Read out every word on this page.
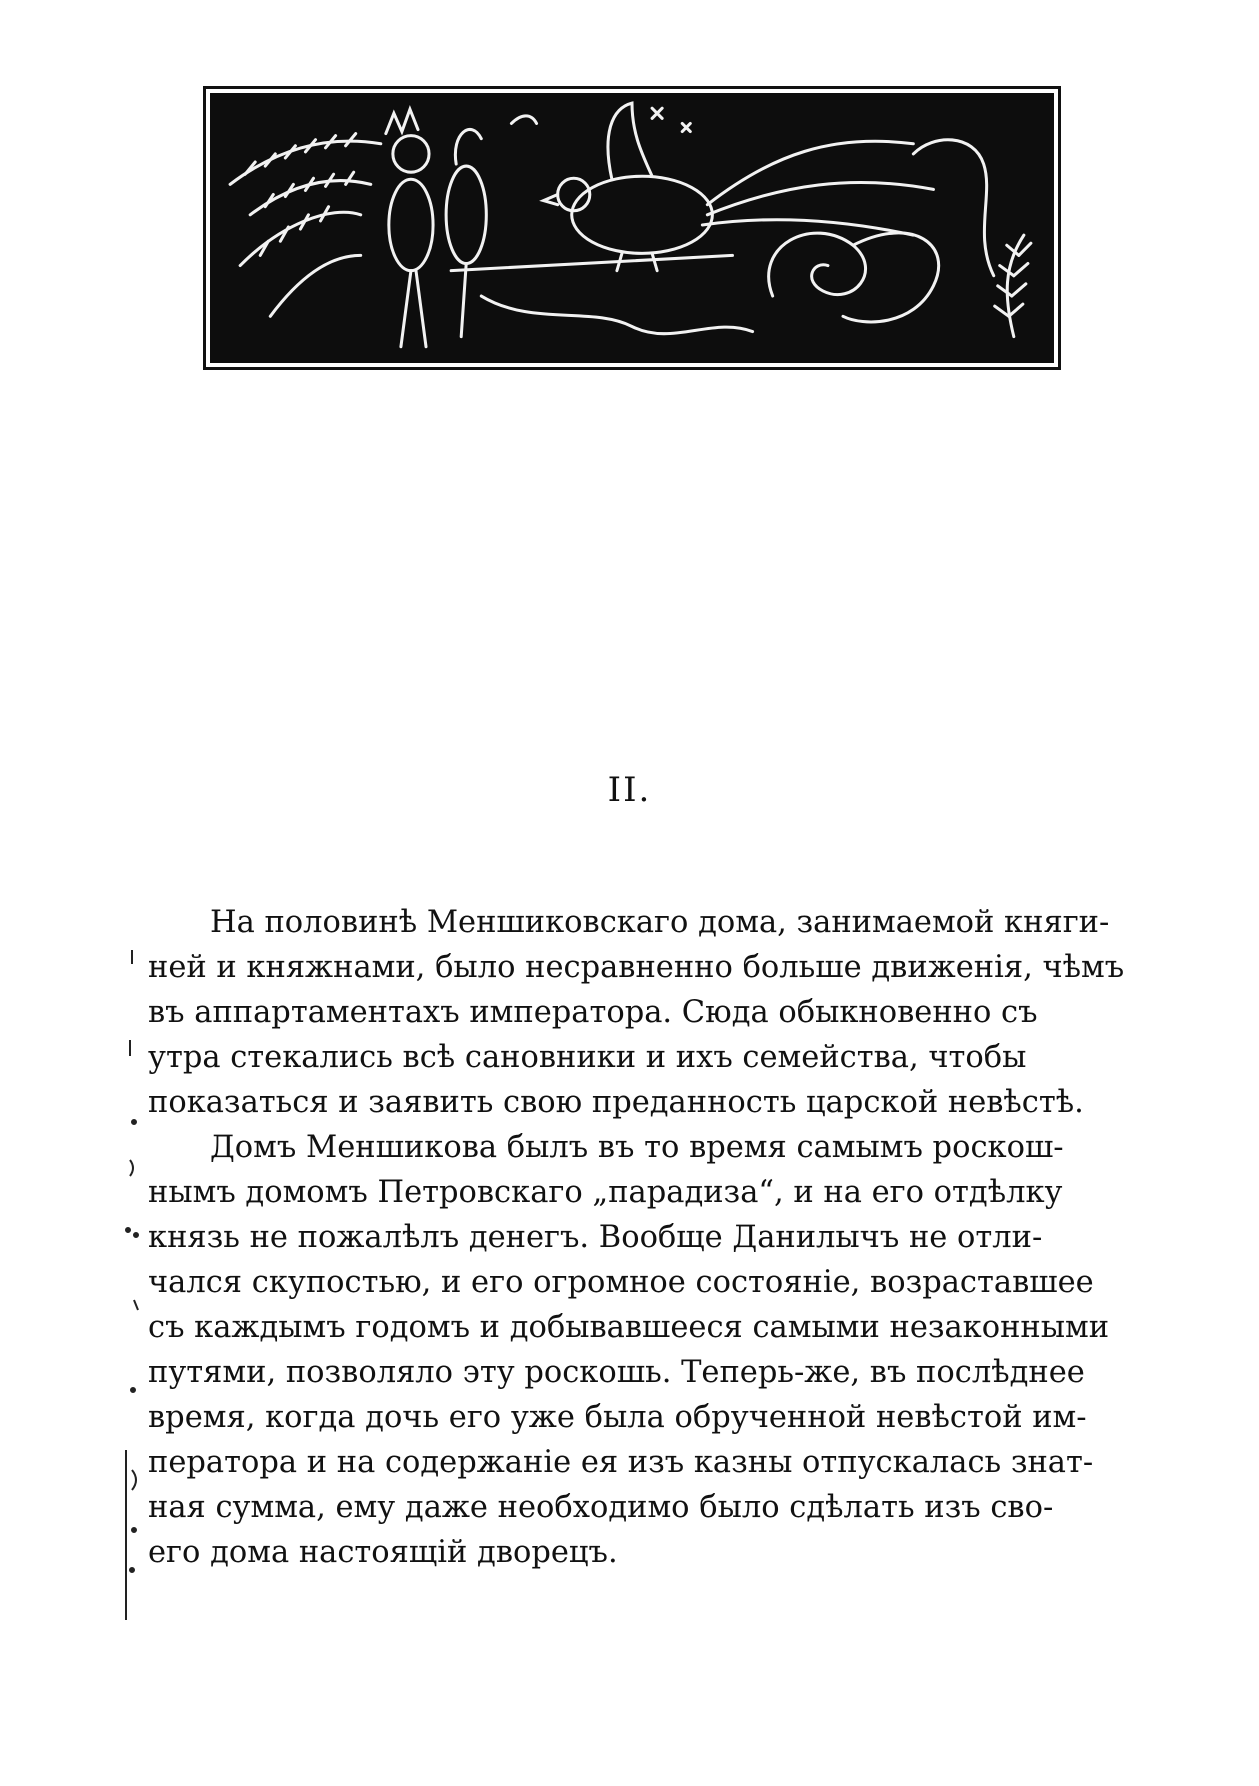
II.
На половинѣ Меншиковскаго дома, занимаемой княги-
ней и княжнами, было несравненно больше движенія, чѣмъ
въ аппартаментахъ императора. Сюда обыкновенно съ
утра стекались всѣ сановники и ихъ семейства, чтобы
показаться и заявить свою преданность царской невѣстѣ.
Домъ Меншикова былъ въ то время самымъ роскош-
нымъ домомъ Петровскаго „парадиза“, и на его отдѣлку
князь не пожалѣлъ денегъ. Вообще Данилычъ не отли-
чался скупостью, и его огромное состояніе, возраставшее
съ каждымъ годомъ и добывавшееся самыми незаконными
путями, позволяло эту роскошь. Теперь-же, въ послѣднее
время, когда дочь его уже была обрученной невѣстой им-
ператора и на содержаніе ея изъ казны отпускалась знат-
ная сумма, ему даже необходимо было сдѣлать изъ сво-
его дома настоящій дворецъ.
